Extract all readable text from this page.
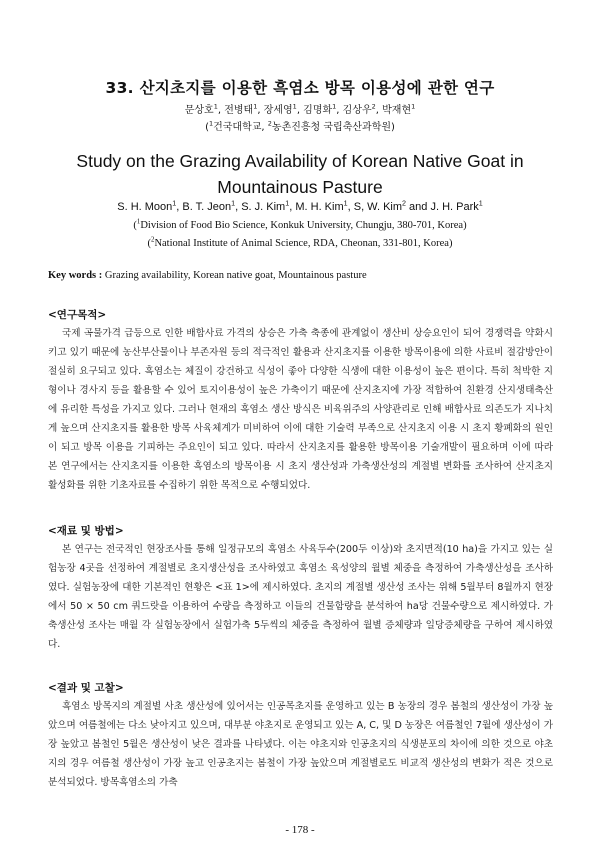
33. 산지초지를 이용한 흑염소 방목 이용성에 관한 연구
문상호$^1$, 전병태$^1$, 장세영$^1$, 김명화$^1$, 김상우$^2$, 박재현$^1$
($^1$건국대학교, $^2$농촌진흥청 국립축산과학원)
Study on the Grazing Availability of Korean Native Goat in
Mountainous Pasture
S. H. Moon$^1$, B. T. Jeon$^1$, S. J. Kim$^1$, M. H. Kim$^1$, S, W. Kim$^2$ and J. H. Park$^1$
($^1$Division of Food Bio Science, Konkuk University, Chungju, 380-701, Korea)
($^2$National Institute of Animal Science, RDA, Cheonan, 331-801, Korea)
Key words : Grazing availability, Korean native goat, Mountainous pasture
<연구목적>

국제 곡물가격 급등으로 인한 배합사료 가격의 상승은 가축 축종에 관계없이 생산비 상승요인이 되어 경쟁력을 약화시키고 있기 때문에 농산부산물이나 부존자원 등의 적극적인 활용과 산지초지를 이용한 방목이용에 의한 사료비 절감방안이 절실히 요구되고 있다. 흑염소는 체질이 강건하고 식성이 좋아 다양한 식생에 대한 이용성이 높은 편이다. 특히 척박한 지형이나 경사지 등을 활용할 수 있어 토지이용성이 높은 가축이기 때문에 산지초지에 가장 적합하여 친환경 산지생태축산에 유리한 특성을 가지고 있다. 그러나 현재의 흑염소 생산 방식은 비육위주의 사양관리로 인해 배합사료 의존도가 지나치게 높으며 산지초지를 활용한 방목 사육체계가 미비하여 이에 대한 기술력 부족으로 산지초지 이용 시 초지 황폐화의 원인이 되고 방목 이용을 기피하는 주요인이 되고 있다. 따라서 산지초지를 활용한 방목이용 기술개발이 필요하며 이에 따라 본 연구에서는 산지초지를 이용한 흑염소의 방목이용 시 초지 생산성과 가축생산성의 계절별 변화를 조사하여 산지초지 활성화를 위한 기초자료를 수집하기 위한 목적으로 수행되었다.

<재료 및 방법>

본 연구는 전국적인 현장조사를 통해 일정규모의 흑염소 사육두수(200두 이상)와 초지면적(10 ha)을 가지고 있는 실험농장 4곳을 선정하여 계절별로 초지생산성을 조사하였고 흑염소 육성양의 월별 체중을 측정하여 가축생산성을 조사하였다. 실험농장에 대한 기본적인 현황은 <표 1>에 제시하였다. 초지의 계절별 생산성 조사는 위해 5월부터 8월까지 현장에서 50 × 50 cm 쿼드랏을 이용하여 수량을 측정하고 이들의 건물함량을 분석하여 ha당 건물수량으로 제시하였다. 가축생산성 조사는 매월 각 실험농장에서 실험가축 5두씩의 체중을 측정하여 월별 증체량과 일당증체량을 구하여 제시하였다.

<결과 및 고찰>

흑염소 방목지의 계절별 사초 생산성에 있어서는 인공목초지를 운영하고 있는 B 농장의 경우 봄철의 생산성이 가장 높았으며 여름철에는 다소 낮아지고 있으며, 대부분 야초지로 운영되고 있는 A, C, 및 D 농장은 여름철인 7월에 생산성이 가장 높았고 봄철인 5월은 생산성이 낮은 결과를 나타냈다. 이는 야초지와 인공초지의 식생분포의 차이에 의한 것으로 야초지의 경우 여름철 생산성이 가장 높고 인공초지는 봄철이 가장 높았으며 계절별로도 비교적 생산성의 변화가 적은 것으로 분석되었다. 방목흑염소의 가축

- 178 -
